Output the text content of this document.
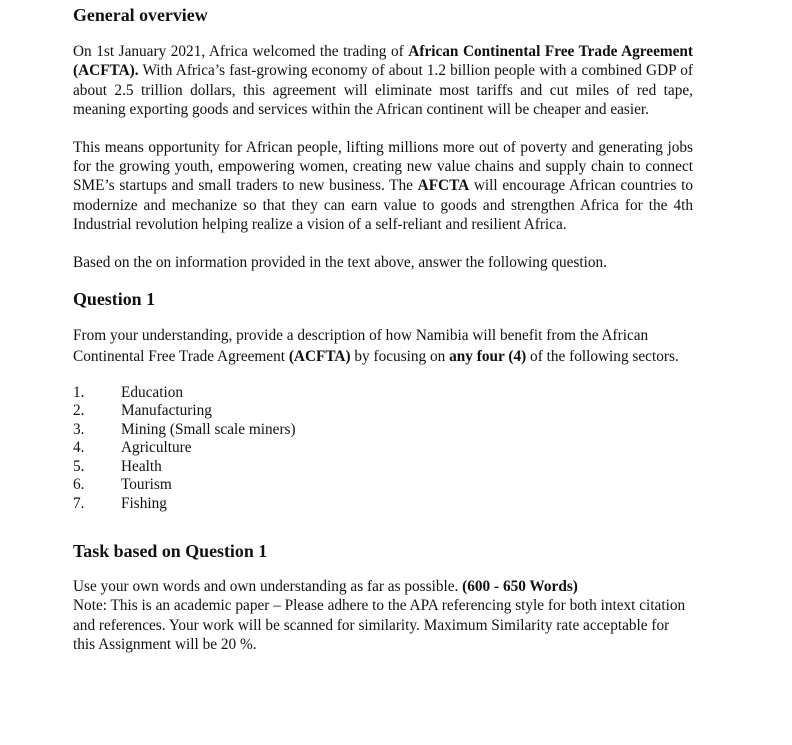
General overview

On 1st January 2021, Africa welcomed the trading of African Continental Free Trade Agreement (ACFTA). With Africa’s fast-growing economy of about 1.2 billion people with a combined GDP of about 2.5 trillion dollars, this agreement will eliminate most tariffs and cut miles of red tape, meaning exporting goods and services within the African continent will be cheaper and easier.

This means opportunity for African people, lifting millions more out of poverty and generating jobs for the growing youth, empowering women, creating new value chains and supply chain to connect SME’s startups and small traders to new business. The AFCTA will encourage African countries to modernize and mechanize so that they can earn value to goods and strengthen Africa for the 4th Industrial revolution helping realize a vision of a self-reliant and resilient Africa.

Based on the on information provided in the text above, answer the following question.

Question 1

From your understanding, provide a description of how Namibia will benefit from the African Continental Free Trade Agreement (ACFTA) by focusing on any four (4) of the following sectors.

1.	Education
2.	Manufacturing
3.	Mining (Small scale miners)
4.	Agriculture
5.	Health
6.	Tourism
7.	Fishing
Task based on Question 1

Use your own words and own understanding as far as possible. (600 - 650 Words)

Note: This is an academic paper – Please adhere to the APA referencing style for both intext citation and references. Your work will be scanned for similarity. Maximum Similarity rate acceptable for this Assignment will be 20 %.
